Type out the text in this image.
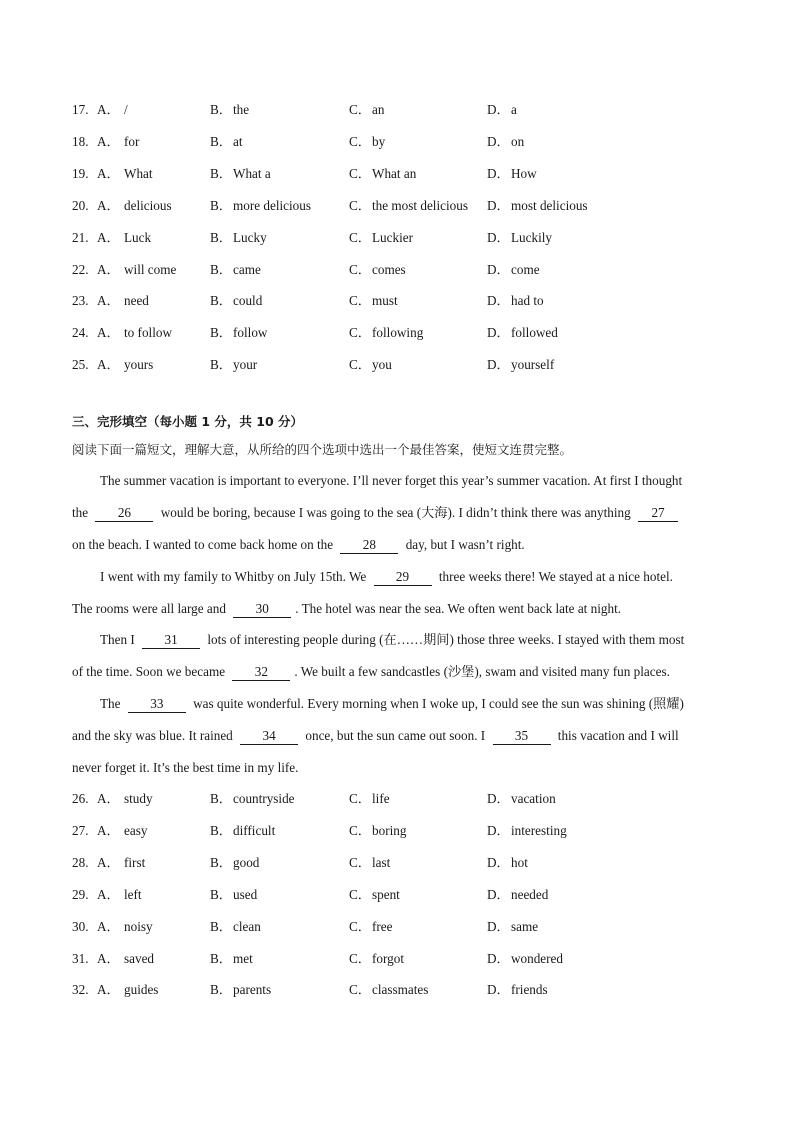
17. A． /	B． the	C． an	D． a
18. A． for	B． at	C． by	D． on
19. A． What	B． What a	C． What an	D． How
20. A． delicious	B． more delicious	C． the most delicious D． most delicious
21. A． Luck	B． Lucky	C． Luckier	D． Luckily
22. A． will come	B． came	C． comes	D． come
23. A． need	B． could	C． must	D． had to
24. A． to follow	B． follow	C． following	D． followed
25. A． yours	B． your	C． you	D． yourself
三、完形填空（每小题 1 分，共 10 分）
阅读下面一篇短文，理解大意，从所给的四个选项中选出一个最佳答案，使短文连贯完整。
The summer vacation is important to everyone. I’ll never forget this year’s summer vacation. At first I thought
the 26 would be boring, because I was going to the sea (大海). I didn’t think there was anything 27
on the beach. I wanted to come back home on the 28 day, but I wasn’t right.
I went with my family to Whitby on July 15th. We 29 three weeks there! We stayed at a nice hotel.
The rooms were all large and 30 . The hotel was near the sea. We often went back late at night.
Then I 31 lots of interesting people during (在……期间) those three weeks. I stayed with them most
of the time. Soon we became 32 . We built a few sandcastles (沙堡), swam and visited many fun places.
The 33 was quite wonderful. Every morning when I woke up, I could see the sun was shining (照耀)
and the sky was blue. It rained 34 once, but the sun came out soon. I 35 this vacation and I will
never forget it. It’s the best time in my life.
26. A． study	B． countryside	C． life	D． vacation
27. A． easy	B． difficult	C． boring	D． interesting
28. A． first	B． good	C． last	D． hot
29. A． left	B． used	C． spent	D． needed
30. A． noisy	B． clean	C． free	D． same
31. A． saved	B． met	C． forgot	D． wondered
32. A． guides	B． parents	C． classmates	D． friends
